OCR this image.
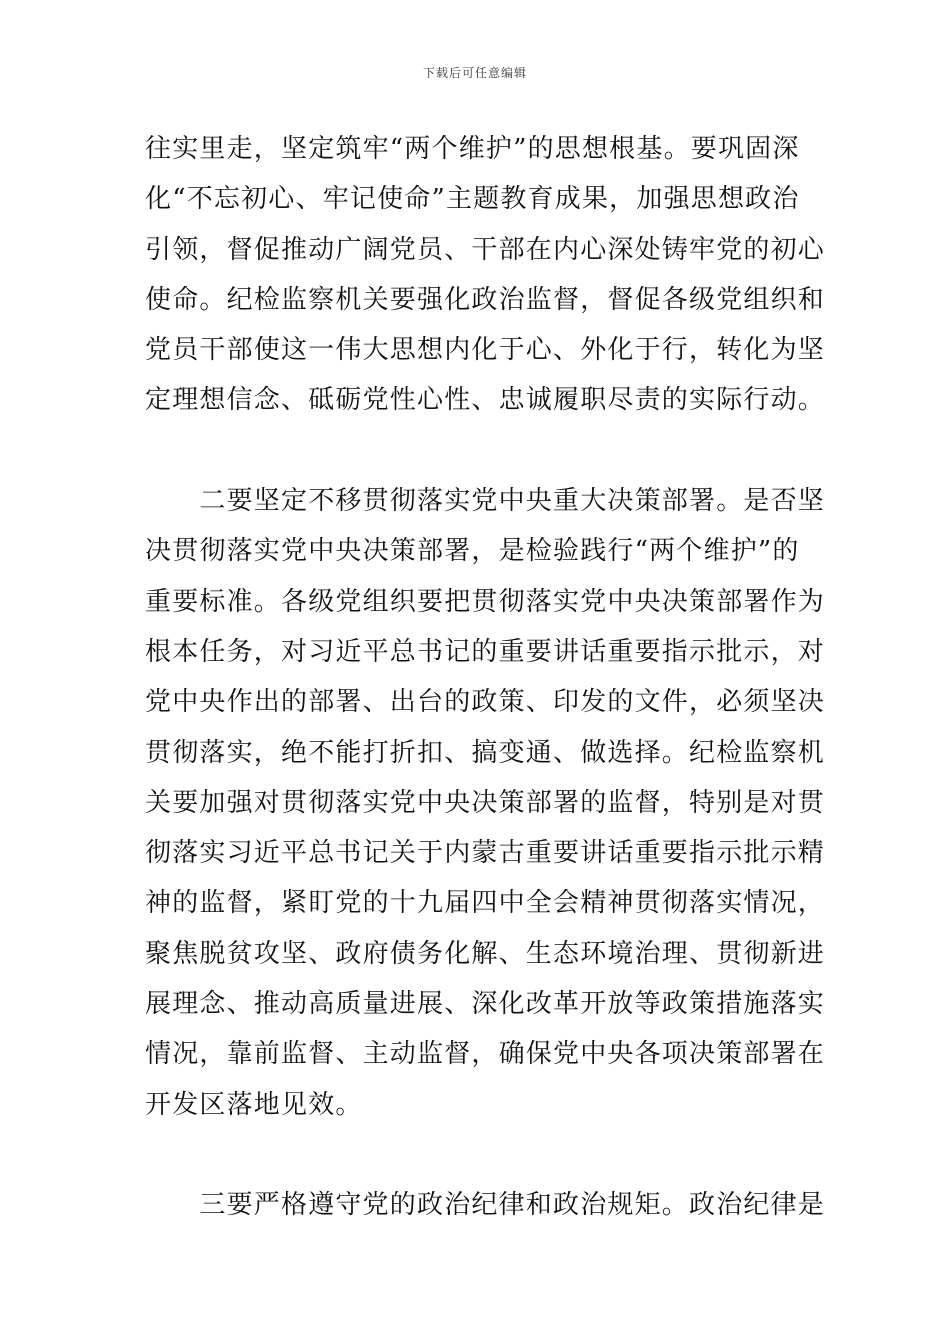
下载后可任意编辑
往实里走，坚定筑牢“两个维护”的思想根基。要巩固深
化“不忘初心、牢记使命”主题教育成果，加强思想政治
引领，督促推动广阔党员、干部在内心深处铸牢党的初心
使命。纪检监察机关要强化政治监督，督促各级党组织和
党员干部使这一伟大思想内化于心、外化于行，转化为坚
定理想信念、砥砺党性心性、忠诚履职尽责的实际行动。
　　二要坚定不移贯彻落实党中央重大决策部署。是否坚
决贯彻落实党中央决策部署，是检验践行“两个维护”的
重要标准。各级党组织要把贯彻落实党中央决策部署作为
根本任务，对习近平总书记的重要讲话重要指示批示，对
党中央作出的部署、出台的政策、印发的文件，必须坚决
贯彻落实，绝不能打折扣、搞变通、做选择。纪检监察机
关要加强对贯彻落实党中央决策部署的监督，特别是对贯
彻落实习近平总书记关于内蒙古重要讲话重要指示批示精
神的监督，紧盯党的十九届四中全会精神贯彻落实情况，
聚焦脱贫攻坚、政府债务化解、生态环境治理、贯彻新进
展理念、推动高质量进展、深化改革开放等政策措施落实
情况，靠前监督、主动监督，确保党中央各项决策部署在
开发区落地见效。
　　三要严格遵守党的政治纪律和政治规矩。政治纪律是
